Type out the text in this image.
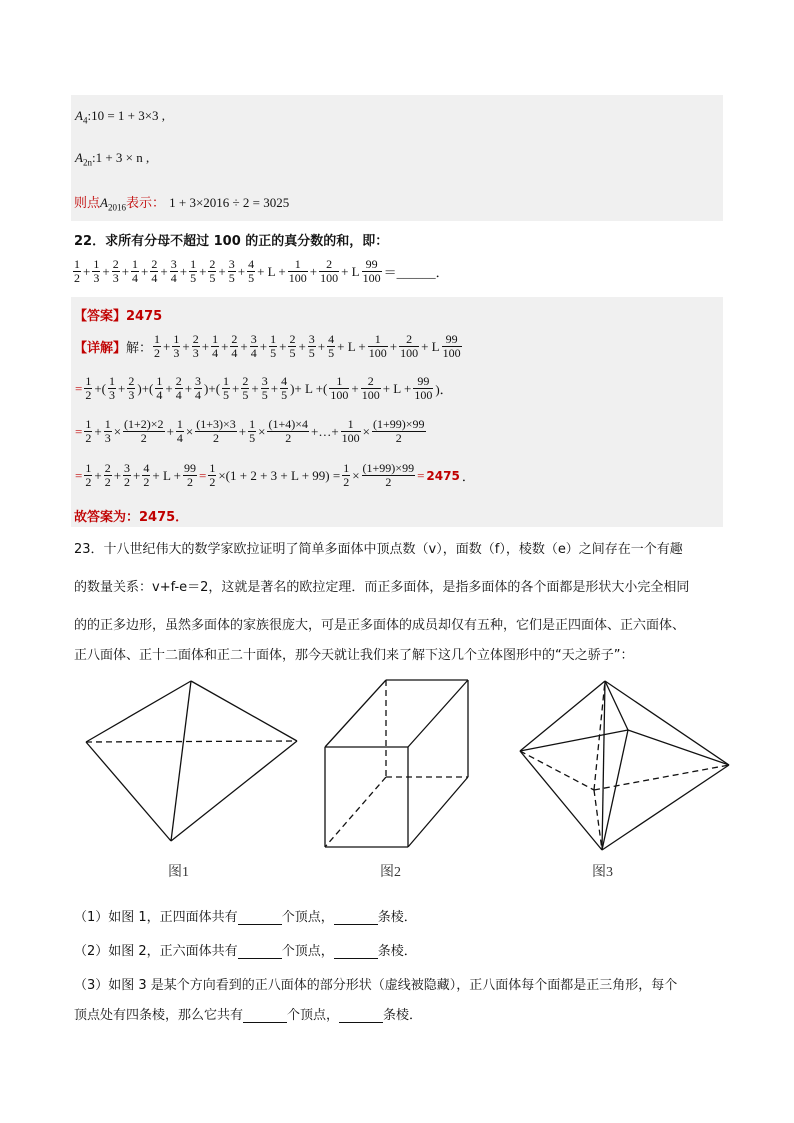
$A_4:10 = 1 + 3\times 3$ ,
$A_{2n}:1 + 3 \times n$ ,
则点$A_{2016}$表示： 1 + 3×2016 ÷ 2 = 3025
22．求所有分母不超过 100 的正的真分数的和，即：
$\frac{1}{2} + \frac{1}{3} + \frac{2}{3} + \frac{1}{4} + \frac{2}{4} + \frac{3}{4} + \frac{1}{5} + \frac{2}{5} + \frac{3}{5} + \frac{4}{5} + L + \frac{1}{100} + \frac{2}{100} + L \frac{99}{100}$ ＝______．
【答案】2475
【详解】 解： $\frac{1}{2} + \frac{1}{3} + \frac{2}{3} + \frac{1}{4} + \frac{2}{4} + \frac{3}{4} + \frac{1}{5} + \frac{2}{5} + \frac{3}{5} + \frac{4}{5} + L + \frac{1}{100} + \frac{2}{100} + L \frac{99}{100}$
= $\frac{1}{2}$ +( $\frac{1}{3} + \frac{2}{3}$ )+( $\frac{1}{4} + \frac{2}{4} + \frac{3}{4}$ )+( $\frac{1}{5} + \frac{2}{5} + \frac{3}{5} + \frac{4}{5}$ )+ L +( $\frac{1}{100} + \frac{2}{100} + L + \frac{99}{100}$ )．
= $\frac{1}{2} + \frac{1}{3} \times \frac{(1+2)\times 2}{2} + \frac{1}{4} \times \frac{(1+3)\times 3}{2} + \frac{1}{5} \times \frac{(1+4)\times 4}{2}$ +…+ $\frac{1}{100} \times \frac{(1+99)\times 99}{2}$
= $\frac{1}{2} + \frac{2}{2} + \frac{3}{2} + \frac{4}{2} + L + \frac{99}{2} = \frac{1}{2} \times(1 + 2 + 3 + L + 99) = \frac{1}{2} \times \frac{(1+99)\times 99}{2} = 2475$ ．
故答案为：2475．
23．十八世纪伟大的数学家欧拉证明了简单多面体中顶点数（v），面数（f），棱数（e）之间存在一个有趣
的数量关系：v+f-e＝2，这就是著名的欧拉定理．而正多面体，是指多面体的各个面都是形状大小完全相同
的的正多边形，虽然多面体的家族很庞大，可是正多面体的成员却仅有五种，它们是正四面体、正六面体、
正八面体、正十二面体和正二十面体，那今天就让我们来了解下这几个立体图形中的“天之骄子”：
图1	图2	图3
（1）如图 1，正四面体共有	个顶点，	条棱．
（2）如图 2，正六面体共有	个顶点，	条棱．
（3）如图 3 是某个方向看到的正八面体的部分形状（虚线被隐藏），正八面体每个面都是正三角形，每个
顶点处有四条棱，那么它共有	个顶点，	条棱．
